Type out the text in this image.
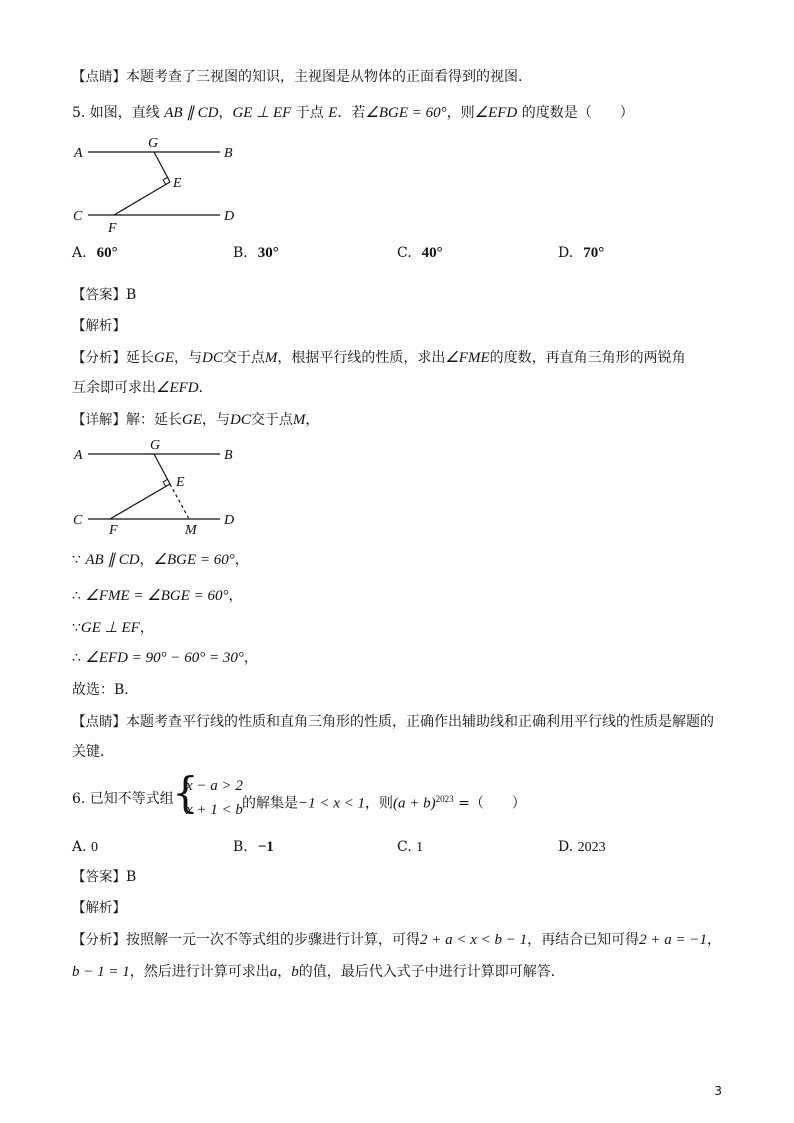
【点睛】本题考查了三视图的知识，主视图是从物体的正面看得到的视图.
5. 如图，直线 AB ∥ CD，GE ⊥ EF 于点 E．若∠BGE = 60°，则∠EFD 的度数是（　　）
A
G
B
E
C
F
D
A. 60°	B. 30°	C. 40°	D. 70°
【答案】B
【解析】
【分析】延长GE，与DC交于点M，根据平行线的性质，求出∠FME的度数，再直角三角形的两锐角
互余即可求出∠EFD．
【详解】解：延长GE，与DC交于点M，
A
G
B
E
C
F	M
D
∵ AB ∥ CD，∠BGE = 60°，
∴ ∠FME = ∠BGE = 60°，
∵GE ⊥ EF，
∴ ∠EFD = 90° − 60° = 30°，
故选：B．
【点睛】本题考查平行线的性质和直角三角形的性质，正确作出辅助线和正确利用平行线的性质是解题的
关键．
6. 已知不等式组
{
x − a > 2
x + 1 < b 的解集是−1 < x < 1，则$(a + b)^{2023}$ =（　　）
A. 0	B. −1	C. 1	D. 2023
【答案】B
【解析】
【分析】按照解一元一次不等式组的步骤进行计算，可得2 + a < x < b − 1，再结合已知可得2 + a = −1，
b − 1 = 1，然后进行计算可求出a，b的值，最后代入式子中进行计算即可解答．
3
